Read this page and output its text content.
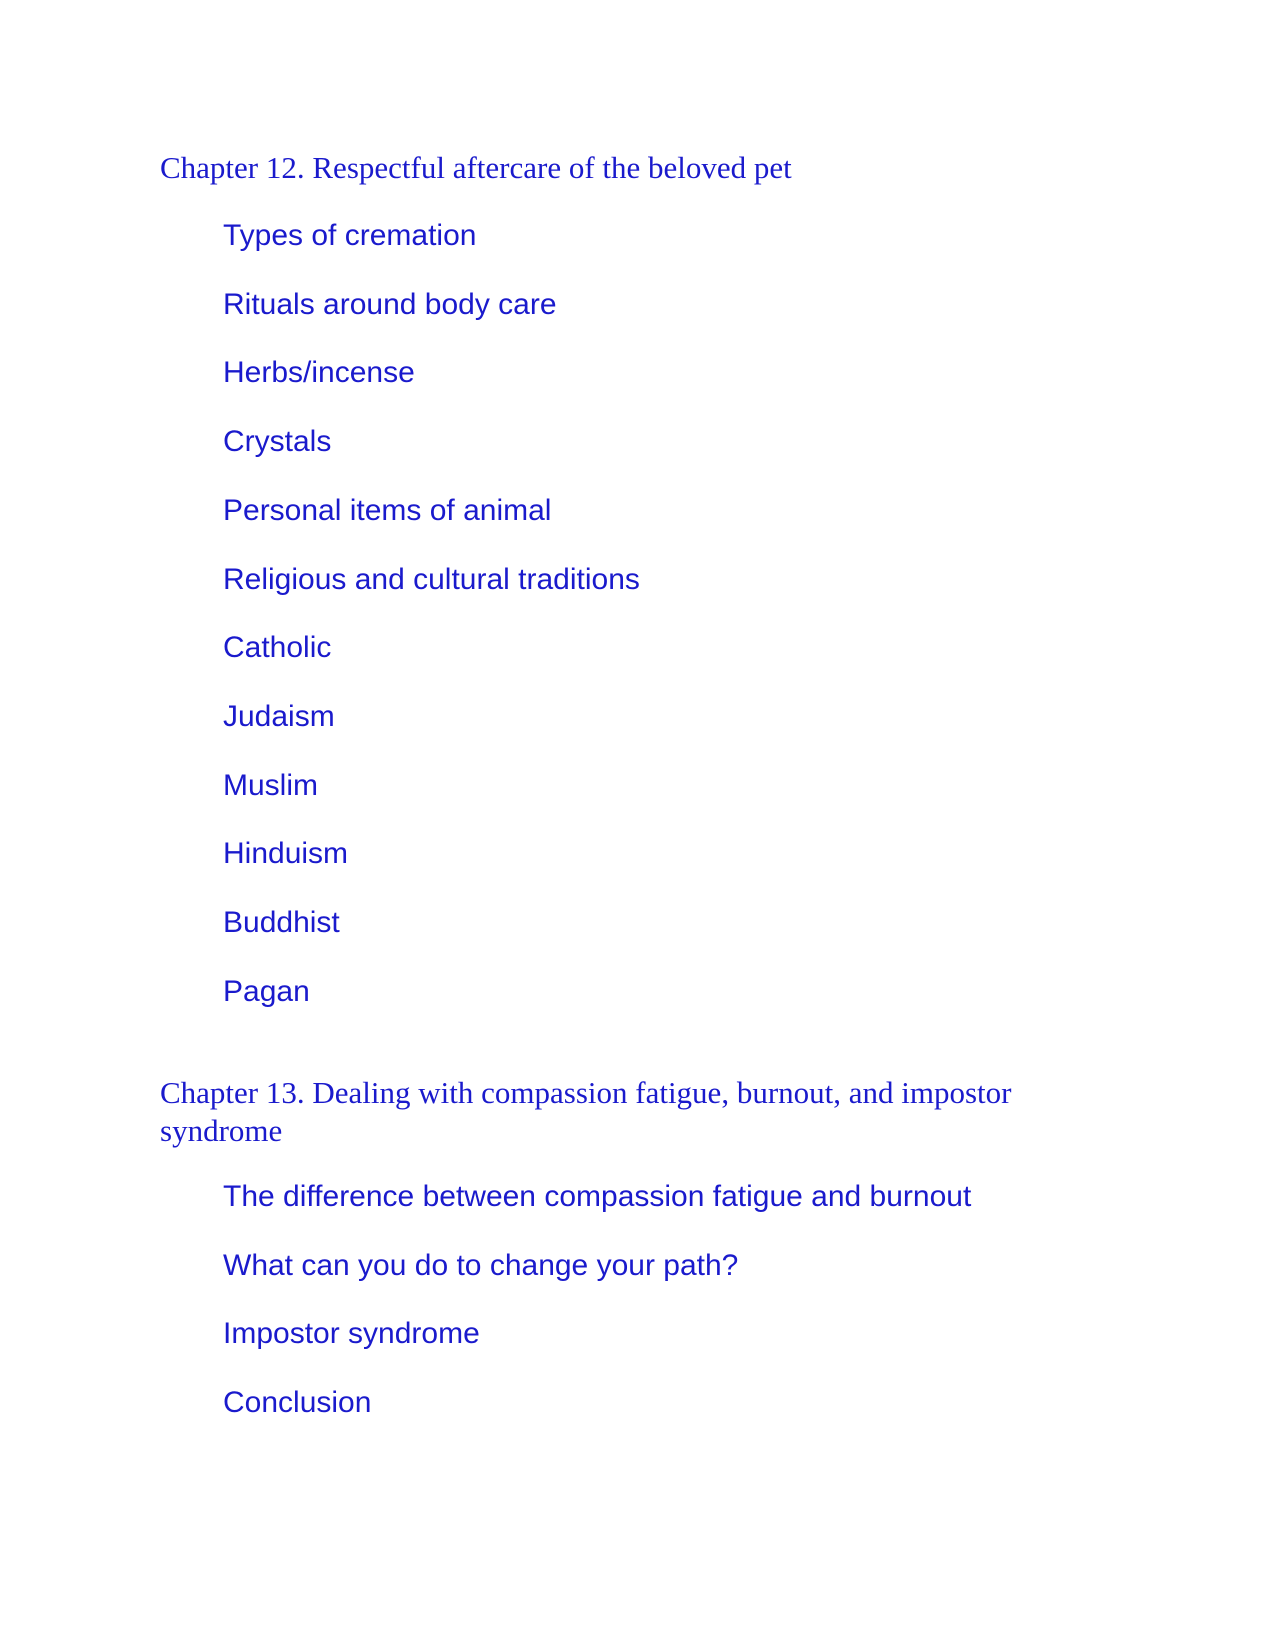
Chapter 12. Respectful aftercare of the beloved pet
Types of cremation
Rituals around body care
Herbs/incense
Crystals
Personal items of animal
Religious and cultural traditions
Catholic
Judaism
Muslim
Hinduism
Buddhist
Pagan
Chapter 13. Dealing with compassion fatigue, burnout, and impostor syndrome
The difference between compassion fatigue and burnout
What can you do to change your path?
Impostor syndrome
Conclusion
